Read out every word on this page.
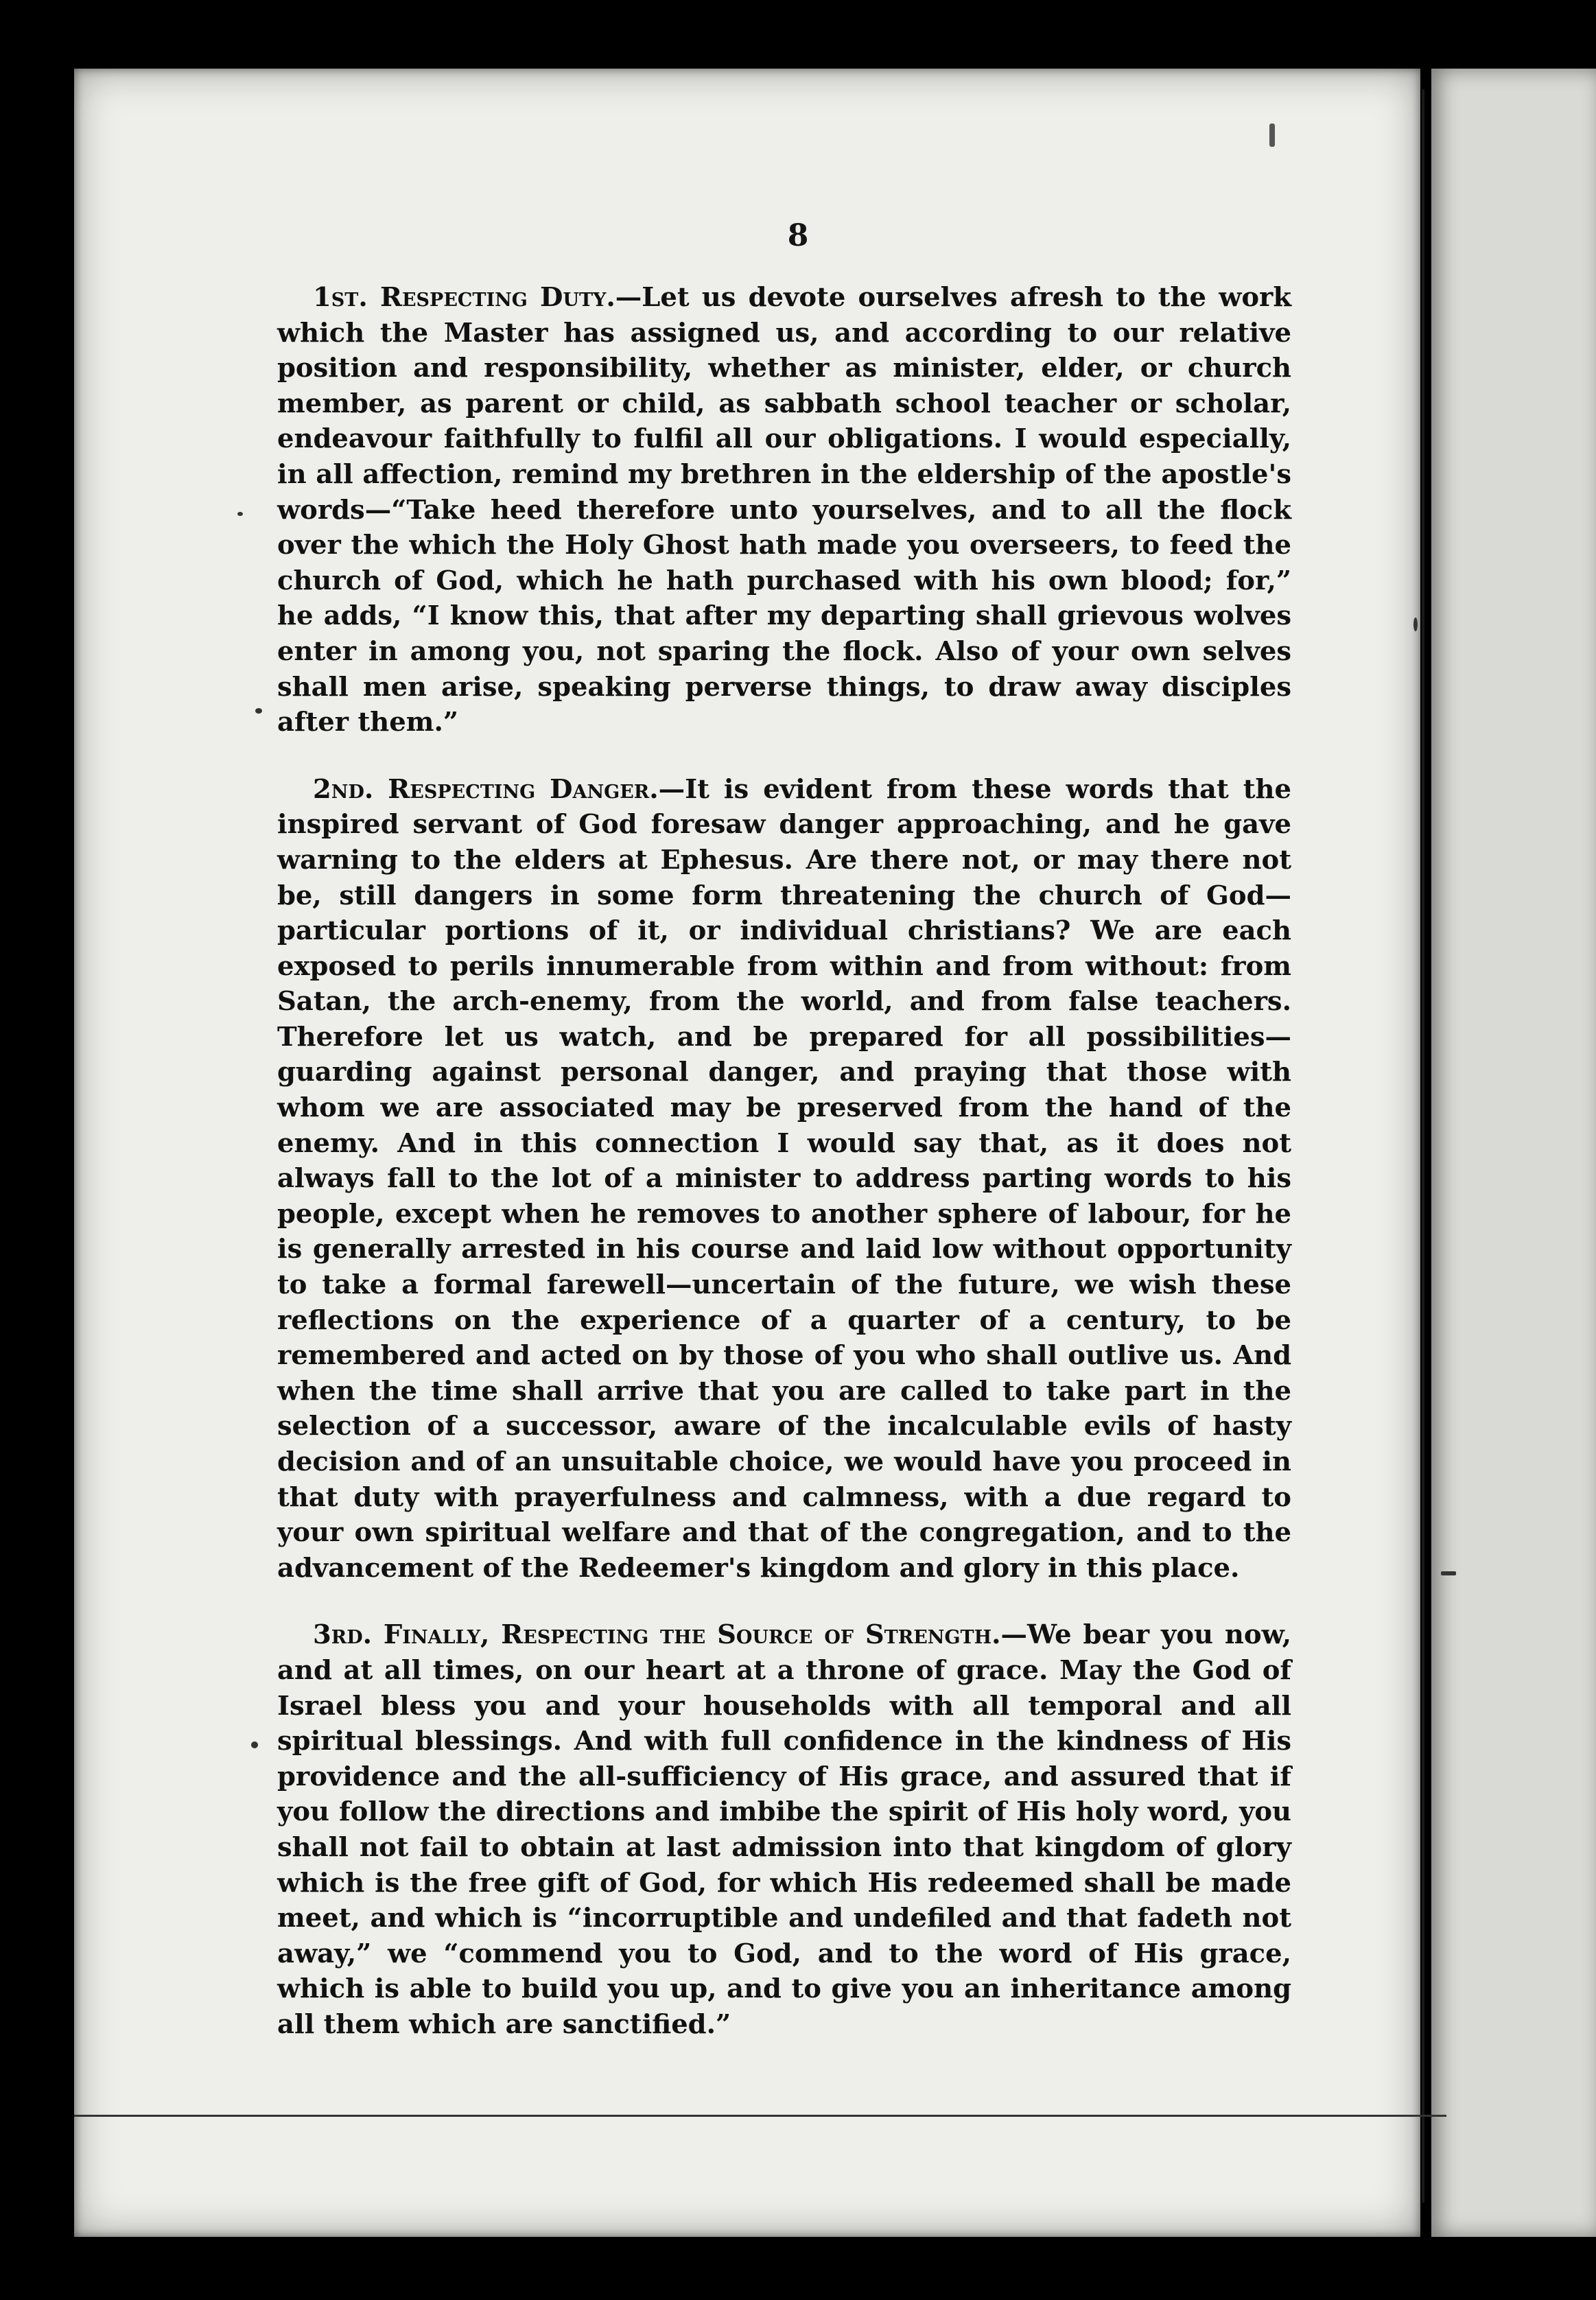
8

1st. Respecting Duty.—Let us devote ourselves afresh to the work which the Master has assigned us, and according to our relative position and responsibility, whether as minister, elder, or church member, as parent or child, as sabbath school teacher or scholar, endeavour faithfully to fulfil all our obligations. I would especially, in all affection, remind my brethren in the eldership of the apostle's words—“Take heed therefore unto yourselves, and to all the flock over the which the Holy Ghost hath made you overseers, to feed the church of God, which he hath purchased with his own blood; for,” he adds, “I know this, that after my departing shall grievous wolves enter in among you, not sparing the flock. Also of your own selves shall men arise, speaking perverse things, to draw away disciples after them.”

2nd. Respecting Danger.—It is evident from these words that the inspired servant of God foresaw danger approaching, and he gave warning to the elders at Ephesus. Are there not, or may there not be, still dangers in some form threatening the church of God—particular portions of it, or individual christians? We are each exposed to perils innumerable from within and from without: from Satan, the arch-enemy, from the world, and from false teachers. Therefore let us watch, and be prepared for all possibilities—guarding against personal danger, and praying that those with whom we are associated may be preserved from the hand of the enemy. And in this connection I would say that, as it does not always fall to the lot of a minister to address parting words to his people, except when he removes to another sphere of labour, for he is generally arrested in his course and laid low without opportunity to take a formal farewell—uncertain of the future, we wish these reflections on the experience of a quarter of a century, to be remembered and acted on by those of you who shall outlive us. And when the time shall arrive that you are called to take part in the selection of a successor, aware of the incalculable evils of hasty decision and of an unsuitable choice, we would have you proceed in that duty with prayerfulness and calmness, with a due regard to your own spiritual welfare and that of the congregation, and to the advancement of the Redeemer's kingdom and glory in this place.

3rd. Finally, Respecting the Source of Strength.—We bear you now, and at all times, on our heart at a throne of grace. May the God of Israel bless you and your households with all temporal and all spiritual blessings. And with full confidence in the kindness of His providence and the all-sufficiency of His grace, and assured that if you follow the directions and imbibe the spirit of His holy word, you shall not fail to obtain at last admission into that kingdom of glory which is the free gift of God, for which His redeemed shall be made meet, and which is “incorruptible and undefiled and that fadeth not away,” we “commend you to God, and to the word of His grace, which is able to build you up, and to give you an inheritance among all them which are sanctified.”
